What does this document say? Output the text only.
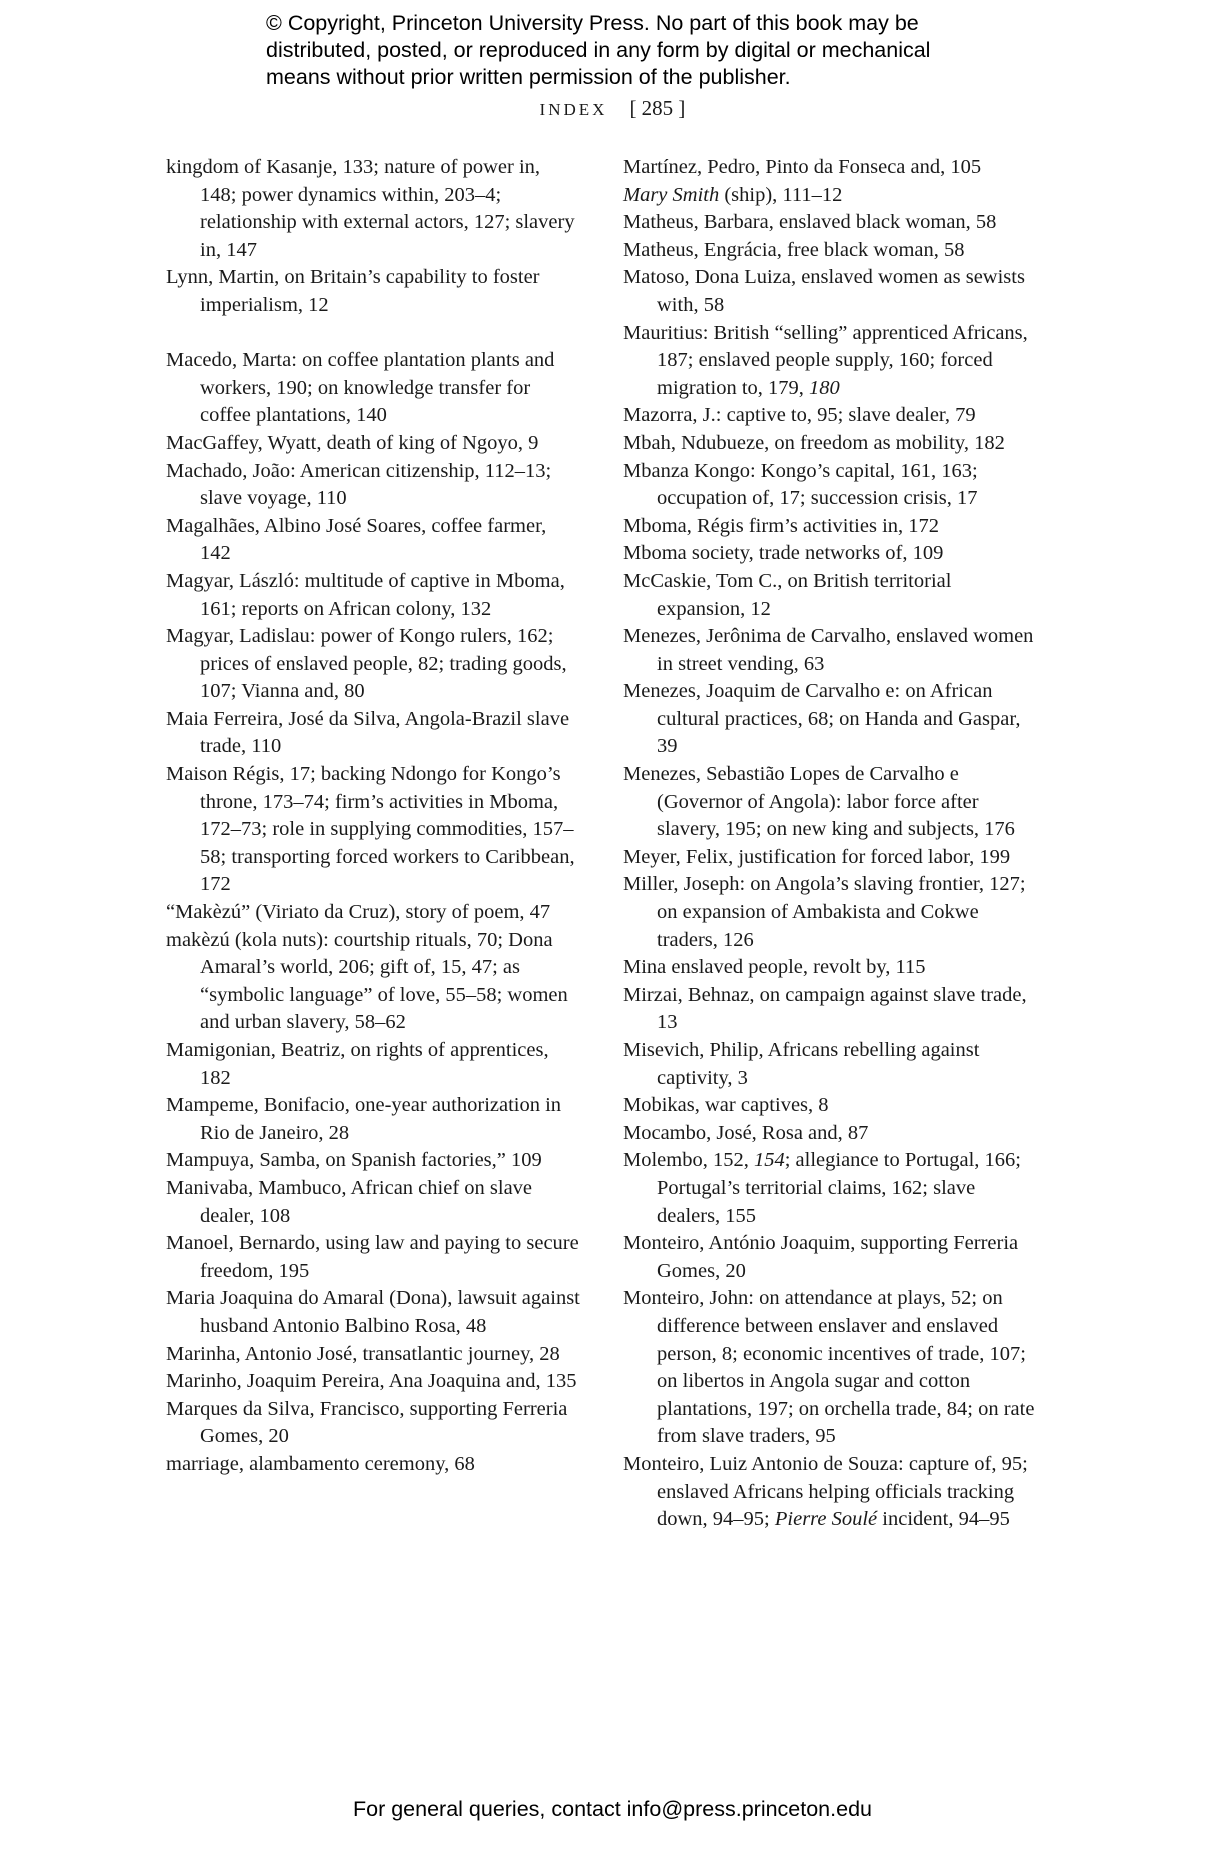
© Copyright, Princeton University Press. No part of this book may be
distributed, posted, or reproduced in any form by digital or mechanical
means without prior written permission of the publisher.
INDEX [ 285 ]

kingdom of Kasanje, 133; nature of power in, 148; power dynamics within, 203–4; relationship with external actors, 127; slavery in, 147

Lynn, Martin, on Britain’s capability to foster imperialism, 12

Macedo, Marta: on coffee plantation plants and workers, 190; on knowledge transfer for coffee plantations, 140

MacGaffey, Wyatt, death of king of Ngoyo, 9

Machado, João: American citizenship, 112–13; slave voyage, 110

Magalhães, Albino José Soares, coffee farmer, 142

Magyar, László: multitude of captive in Mboma, 161; reports on African colony, 132

Magyar, Ladislau: power of Kongo rulers, 162; prices of enslaved people, 82; trading goods, 107; Vianna and, 80

Maia Ferreira, José da Silva, Angola-Brazil slave trade, 110

Maison Régis, 17; backing Ndongo for Kongo’s throne, 173–74; firm’s activities in Mboma, 172–73; role in supplying commodities, 157–58; transporting forced workers to Caribbean, 172

“Makèzú” (Viriato da Cruz), story of poem, 47

makèzú (kola nuts): courtship rituals, 70; Dona Amaral’s world, 206; gift of, 15, 47; as “symbolic language” of love, 55–58; women and urban slavery, 58–62

Mamigonian, Beatriz, on rights of apprentices, 182

Mampeme, Bonifacio, one-year authorization in Rio de Janeiro, 28

Mampuya, Samba, on Spanish factories,” 109

Manivaba, Mambuco, African chief on slave dealer, 108

Manoel, Bernardo, using law and paying to secure freedom, 195

Maria Joaquina do Amaral (Dona), lawsuit against husband Antonio Balbino Rosa, 48

Marinha, Antonio José, transatlantic journey, 28

Marinho, Joaquim Pereira, Ana Joaquina and, 135

Marques da Silva, Francisco, supporting Ferreria Gomes, 20

marriage, alambamento ceremony, 68

Martínez, Pedro, Pinto da Fonseca and, 105

Mary Smith (ship), 111–12

Matheus, Barbara, enslaved black woman, 58

Matheus, Engrácia, free black woman, 58

Matoso, Dona Luiza, enslaved women as sewists with, 58

Mauritius: British “selling” apprenticed Africans, 187; enslaved people supply, 160; forced migration to, 179, 180

Mazorra, J.: captive to, 95; slave dealer, 79

Mbah, Ndubueze, on freedom as mobility, 182

Mbanza Kongo: Kongo’s capital, 161, 163; occupation of, 17; succession crisis, 17

Mboma, Régis firm’s activities in, 172

Mboma society, trade networks of, 109

McCaskie, Tom C., on British territorial expansion, 12

Menezes, Jerônima de Carvalho, enslaved women in street vending, 63

Menezes, Joaquim de Carvalho e: on African cultural practices, 68; on Handa and Gaspar, 39

Menezes, Sebastião Lopes de Carvalho e (Governor of Angola): labor force after slavery, 195; on new king and subjects, 176

Meyer, Felix, justification for forced labor, 199

Miller, Joseph: on Angola’s slaving frontier, 127; on expansion of Ambakista and Cokwe traders, 126

Mina enslaved people, revolt by, 115

Mirzai, Behnaz, on campaign against slave trade, 13

Misevich, Philip, Africans rebelling against captivity, 3

Mobikas, war captives, 8

Mocambo, José, Rosa and, 87

Molembo, 152, 154; allegiance to Portugal, 166; Portugal’s territorial claims, 162; slave dealers, 155

Monteiro, António Joaquim, supporting Ferreria Gomes, 20

Monteiro, John: on attendance at plays, 52; on difference between enslaver and enslaved person, 8; economic incentives of trade, 107; on libertos in Angola sugar and cotton plantations, 197; on orchella trade, 84; on rate from slave traders, 95

Monteiro, Luiz Antonio de Souza: capture of, 95; enslaved Africans helping officials tracking down, 94–95; Pierre Soulé incident, 94–95

For general queries, contact info@press.princeton.edu
